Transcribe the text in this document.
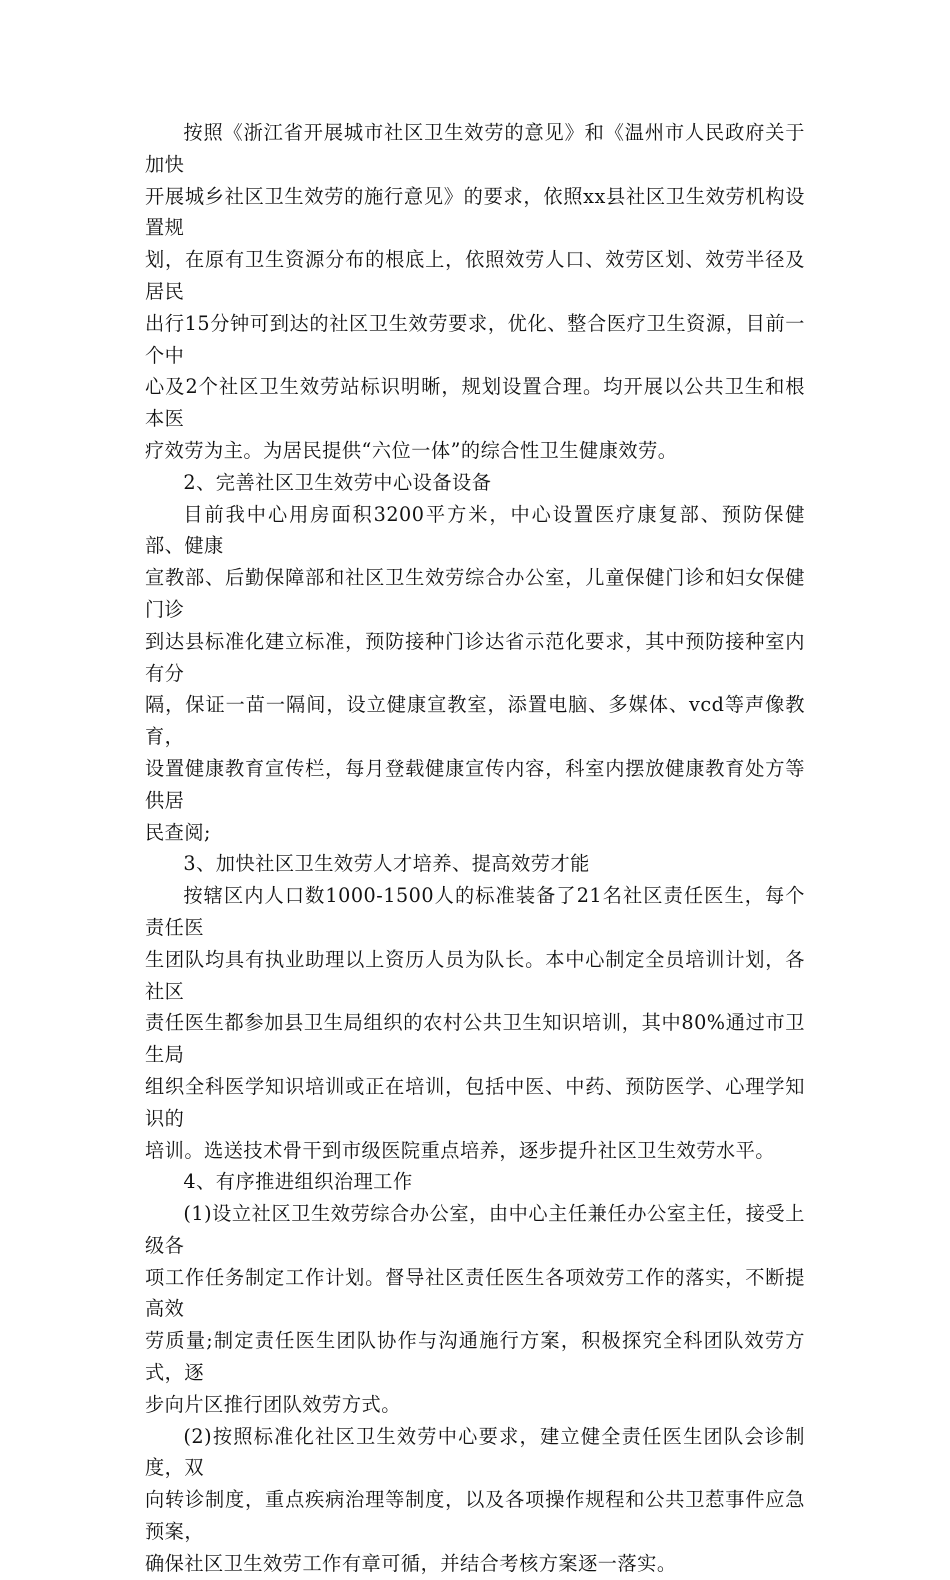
按照《浙江省开展城市社区卫生效劳的意见》和《温州市人民政府关于加快
开展城乡社区卫生效劳的施行意见》的要求，依照xx县社区卫生效劳机构设置规
划，在原有卫生资源分布的根底上，依照效劳人口、效劳区划、效劳半径及居民
出行15分钟可到达的社区卫生效劳要求，优化、整合医疗卫生资源，目前一个中
心及2个社区卫生效劳站标识明晰，规划设置合理。均开展以公共卫生和根本医
疗效劳为主。为居民提供“六位一体”的综合性卫生健康效劳。

2、完善社区卫生效劳中心设备设备

目前我中心用房面积3200平方米，中心设置医疗康复部、预防保健部、健康
宣教部、后勤保障部和社区卫生效劳综合办公室，儿童保健门诊和妇女保健门诊
到达县标准化建立标准，预防接种门诊达省示范化要求，其中预防接种室内有分
隔，保证一苗一隔间，设立健康宣教室，添置电脑、多媒体、vcd等声像教育，
设置健康教育宣传栏，每月登载健康宣传内容，科室内摆放健康教育处方等供居
民查阅;

3、加快社区卫生效劳人才培养、提高效劳才能

按辖区内人口数1000-1500人的标准装备了21名社区责任医生，每个责任医
生团队均具有执业助理以上资历人员为队长。本中心制定全员培训计划，各社区
责任医生都参加县卫生局组织的农村公共卫生知识培训，其中80%通过市卫生局
组织全科医学知识培训或正在培训，包括中医、中药、预防医学、心理学知识的
培训。选送技术骨干到市级医院重点培养，逐步提升社区卫生效劳水平。

4、有序推进组织治理工作

(1)设立社区卫生效劳综合办公室，由中心主任兼任办公室主任，接受上级各
项工作任务制定工作计划。督导社区责任医生各项效劳工作的落实，不断提高效
劳质量;制定责任医生团队协作与沟通施行方案，积极探究全科团队效劳方式，逐
步向片区推行团队效劳方式。

(2)按照标准化社区卫生效劳中心要求，建立健全责任医生团队会诊制度，双
向转诊制度，重点疾病治理等制度，以及各项操作规程和公共卫惹事件应急预案，
确保社区卫生效劳工作有章可循，并结合考核方案逐一落实。
